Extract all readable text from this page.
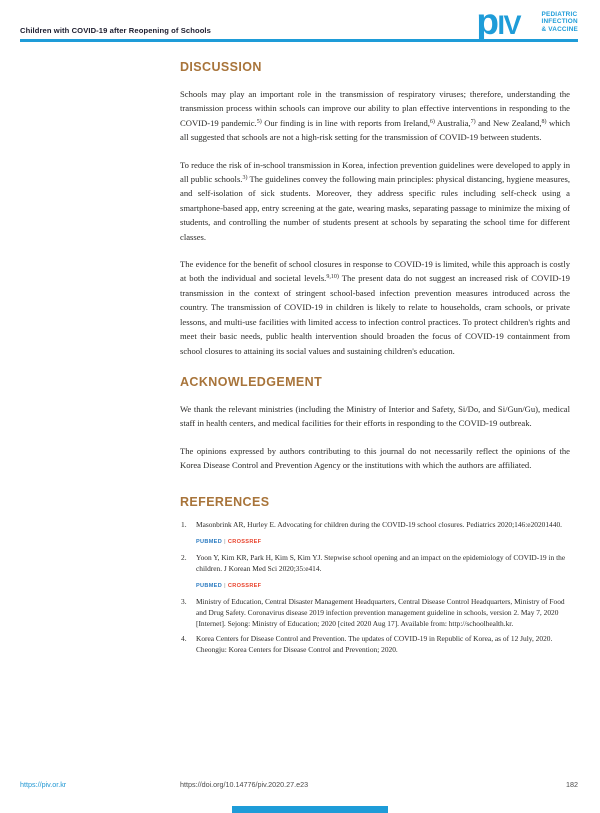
Children with COVID-19 after Reopening of Schools	pIV	PEDIATRIC
INFECTION
& VACCINE
DISCUSSION

Schools may play an important role in the transmission of respiratory viruses; therefore, understanding the transmission process within schools can improve our ability to plan effective interventions in responding to the COVID-19 pandemic.$^{5)}$ Our finding is in line with reports from Ireland,$^{6)}$ Australia,$^{7)}$ and New Zealand,$^{8)}$ which all suggested that schools are not a high-risk setting for the transmission of COVID-19 between students.

To reduce the risk of in-school transmission in Korea, infection prevention guidelines were developed to apply in all public schools.$^{3)}$ The guidelines convey the following main principles: physical distancing, hygiene measures, and self-isolation of sick students. Moreover, they address specific rules including self-check using a smartphone-based app, entry screening at the gate, wearing masks, separating passage to minimize the mixing of students, and controlling the number of students present at schools by separating the school time for different classes.

The evidence for the benefit of school closures in response to COVID-19 is limited, while this approach is costly at both the individual and societal levels.$^{9,10)}$ The present data do not suggest an increased risk of COVID-19 transmission in the context of stringent school-based infection prevention measures introduced across the country. The transmission of COVID-19 in children is likely to relate to households, cram schools, or private lessons, and multi-use facilities with limited access to infection control practices. To protect children's rights and meet their basic needs, public health intervention should broaden the focus of COVID-19 containment from school closures to attaining its social values and sustaining children's education.

ACKNOWLEDGEMENT

We thank the relevant ministries (including the Ministry of Interior and Safety, Si/Do, and Si/Gun/Gu), medical staff in health centers, and medical facilities for their efforts in responding to the COVID-19 outbreak.

The opinions expressed by authors contributing to this journal do not necessarily reflect the opinions of the Korea Disease Control and Prevention Agency or the institutions with which the authors are affiliated.

REFERENCES
1.	Masonbrink AR, Hurley E. Advocating for children during the COVID-19 school closures. Pediatrics 2020;146:e20201440.
PUBMED | CROSSREF
2.	Yoon Y, Kim KR, Park H, Kim S, Kim YJ. Stepwise school opening and an impact on the epidemiology of COVID-19 in the children. J Korean Med Sci 2020;35:e414.
PUBMED | CROSSREF
3.	Ministry of Education, Central Disaster Management Headquarters, Central Disease Control Headquarters, Ministry of Food and Drug Safety. Coronavirus disease 2019 infection prevention management guideline in schools, version 2. May 7, 2020 [Internet]. Sejong: Ministry of Education; 2020 [cited 2020 Aug 17]. Available from: http://schoolhealth.kr.
4.	Korea Centers for Disease Control and Prevention. The updates of COVID-19 in Republic of Korea, as of 12 July, 2020. Cheongju: Korea Centers for Disease Control and Prevention; 2020.
https://piv.or.kr	https://doi.org/10.14776/piv.2020.27.e23	182
